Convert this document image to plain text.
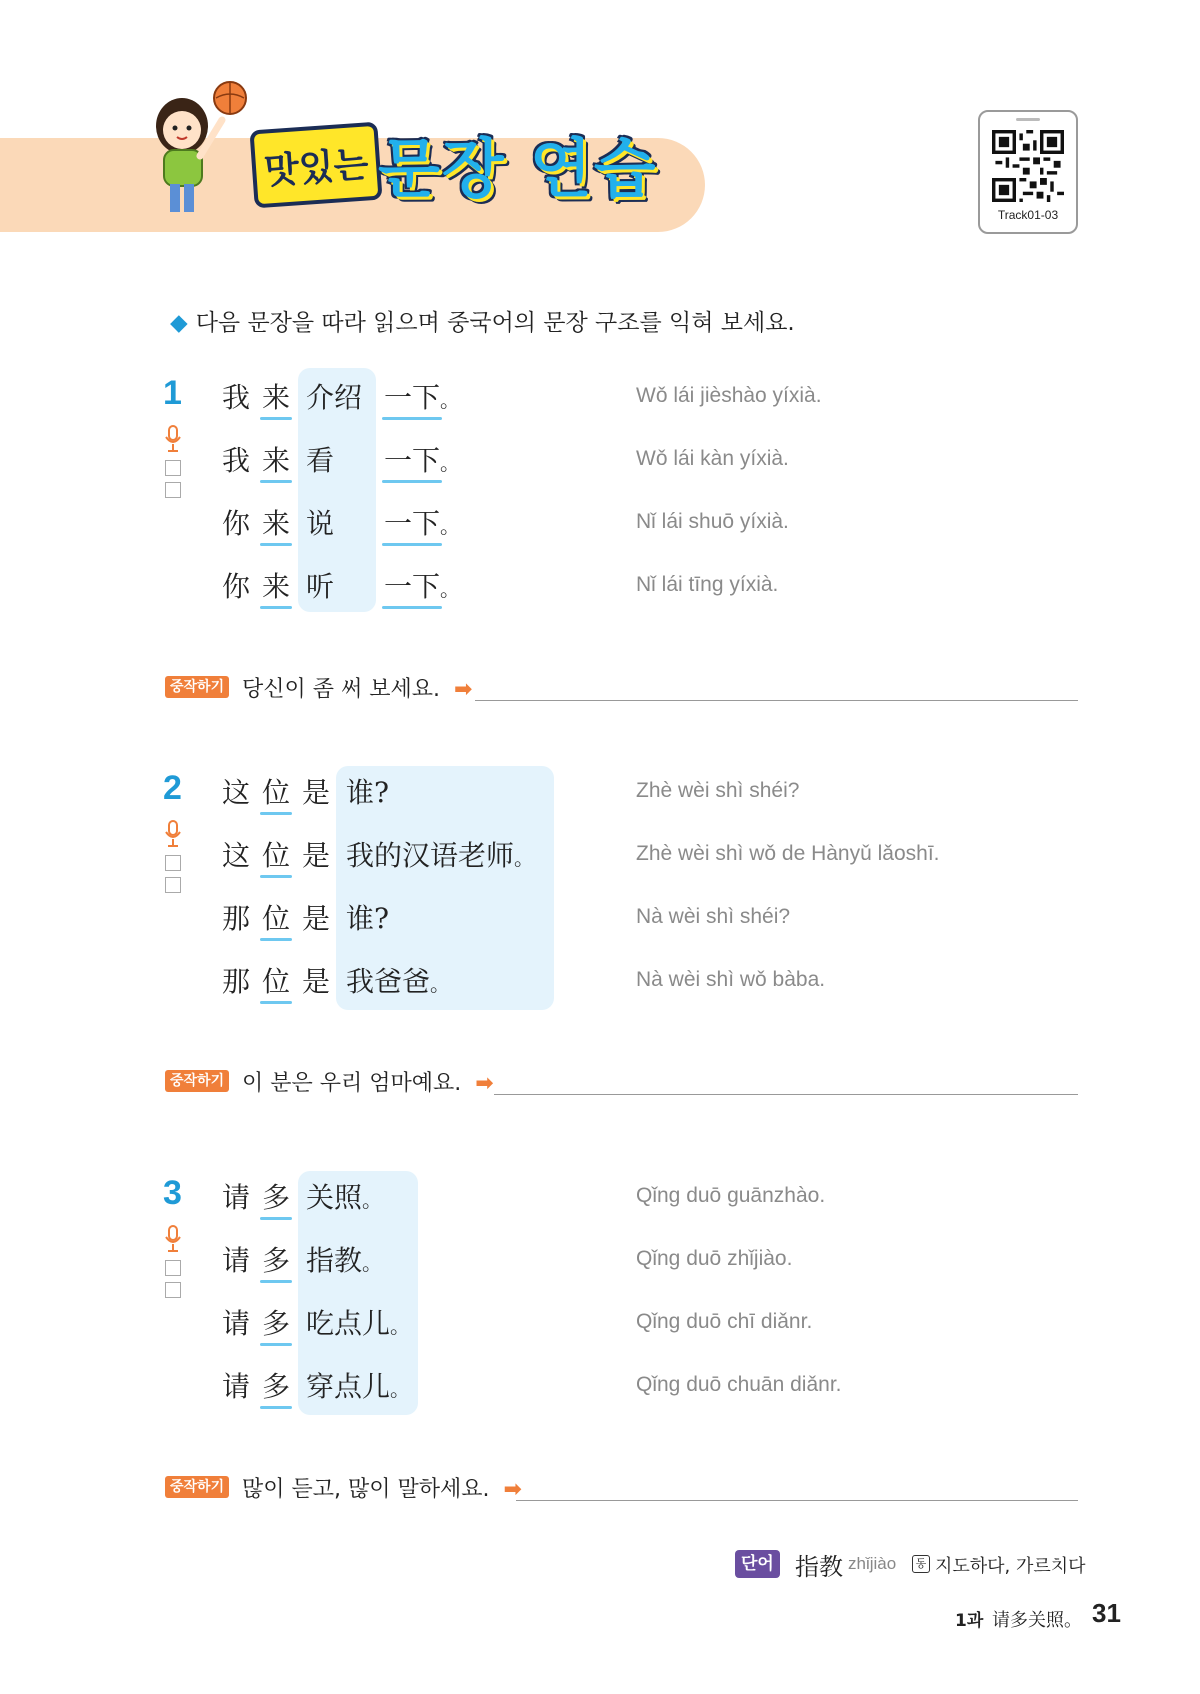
맛있는 문장 연습
Track01-03
◆ 다음 문장을 따라 읽으며 중국어의 문장 구조를 익혀 보세요.
1 我 来 介绍 一下。	Wǒ lái jièshào yíxià.
我 来 看 一下。	Wǒ lái kàn yíxià.
你 来 说 一下。	Nǐ lái shuō yíxià.
你 来 听 一下。	Nǐ lái tīng yíxià.
중작하기 당신이 좀 써 보세요. ➡
2 这 位 是 谁?	Zhè wèi shì shéi?
这 位 是 我的汉语老师。	Zhè wèi shì wǒ de Hànyǔ lǎoshī.
那 位 是 谁?	Nà wèi shì shéi?
那 位 是 我爸爸。	Nà wèi shì wǒ bàba.
중작하기 이 분은 우리 엄마예요. ➡
3 请 多 关照。	Qǐng duō guānzhào.
请 多 指教。	Qǐng duō zhǐjiào.
请 多 吃点儿。	Qǐng duō chī diǎnr.
请 多 穿点儿。	Qǐng duō chuān diǎnr.
중작하기 많이 듣고, 많이 말하세요. ➡
단어 指教 zhǐjiào	동 지도하다, 가르치다
1과 请多关照。 31
